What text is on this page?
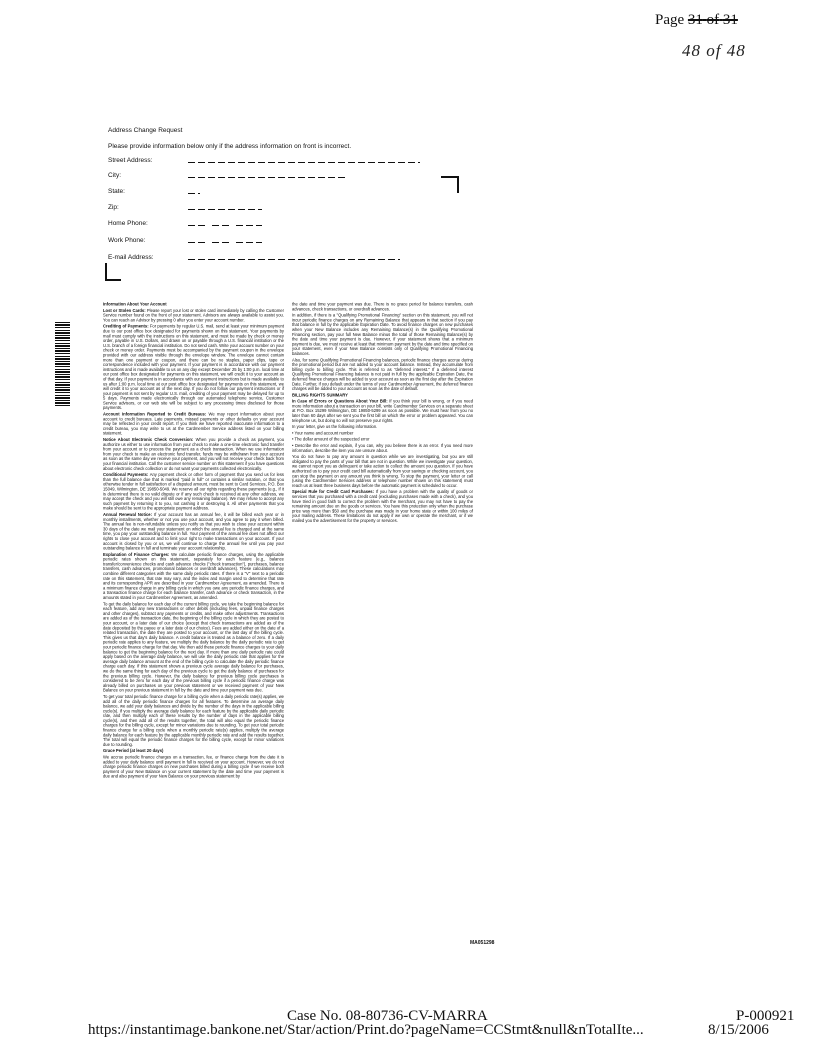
Page 31 of 31
48 of 48
Address Change Request
Please provide information below only if the address information on front is incorrect.
Street Address:
City:
State:
Zip:
Home Phone:
Work Phone:
E-mail Address:

Information About Your Account

Lost or Stolen Cards: Please report your lost or stolen card immediately by calling the Customer Service number found on the front of your statement. Advisors are always available to assist you. You can reach an Advisor by pressing 0 after you enter your account number.

Crediting of Payments: For payments by regular U.S. mail, send at least your minimum payment due to our post office box designated for payments shown on this statement. Your payments by mail must comply with the instructions on this statement, and must be made by check or money order, payable in U.S. Dollars, and drawn on or payable through a U.S. financial institution or the U.S. branch of a foreign financial institution. Do not send cash. Write your account number on your check or money order. Payments must be accompanied by the payment coupon in the envelope provided with our address visible through the envelope window. The envelope cannot contain more than one payment or coupon, and there can be no staples, paper clips, tape or correspondence included with your payment. If your payment is in accordance with our payment instructions and is made available to us on any day except December 25 by 1:00 p.m. local time at our post office box designated for payments on this statement, we will credit it to your account as of that day. If your payment is in accordance with our payment instructions but is made available to us after 1:00 p.m. local time at our post office box designated for payments on this statement, we will credit it to your account as of the next day. If you do not follow our payment instructions or if your payment is not sent by regular U.S. mail, crediting of your payment may be delayed for up to 5 days. Payments made electronically through our automated telephone service, Customer Service advisors, or our web site will be subject to any processing times disclosed for those payments.

Account Information Reported to Credit Bureaus: We may report information about your account to credit bureaus. Late payments, missed payments or other defaults on your account may be reflected in your credit report. If you think we have reported inaccurate information to a credit bureau, you may write to us at the Cardmember Service address listed on your billing statement.

Notice About Electronic Check Conversion: When you provide a check as payment, you authorize us either to use information from your check to make a one-time electronic fund transfer from your account or to process the payment as a check transaction. When we use information from your check to make an electronic fund transfer, funds may be withdrawn from your account as soon as the same day we receive your payment, and you will not receive your check back from your financial institution. Call the customer service number on this statement if you have questions about electronic check collection or do not want your payments collected electronically.

Conditional Payments: Any payment check or other form of payment that you send us for less than the full balance due that is marked "paid in full" or contains a similar notation, or that you otherwise tender in full satisfaction of a disputed amount, must be sent to Card Services, P.O. Box 15049, Wilmington, DE 19850-5049. We reserve all our rights regarding these payments (e.g., if it is determined there is no valid dispute or if any such check is received at any other address, we may accept the check and you will still owe any remaining balance). We may refuse to accept any such payment by returning it to you, not cashing it or destroying it. All other payments that you make should be sent to the appropriate payment address.

Annual Renewal Notice: If your account has an annual fee, it will be billed each year or in monthly installments, whether or not you use your account, and you agree to pay it when billed. The annual fee is non-refundable unless you notify us that you wish to close your account within 30 days of the date we mail your statement on which the annual fee is charged and at the same time, you pay your outstanding balance in full. Your payment of the annual fee does not affect our rights to close your account and to limit your right to make transactions on your account. If your account is closed by you or us, we will continue to charge the annual fee until you pay your outstanding balance in full and terminate your account relationship.

Explanation of Finance Charges: We calculate periodic finance charges, using the applicable periodic rates shown on this statement, separately for each feature (e.g., balance transfer/convenience checks and cash advance checks ("check transaction"), purchases, balance transfers, cash advances, promotional balances or overdraft advances). These calculations may combine different categories with the same daily periodic rates. If there is a "V" next to a periodic rate on this statement, that rate may vary, and the index and margin used to determine that rate and its corresponding APR are described in your Cardmember Agreement, as amended. There is a minimum finance charge in any billing cycle in which you owe any periodic finance charges, and a transaction finance charge for each balance transfer, cash advance or check transaction, in the amounts stated in your Cardmember Agreement, as amended.

To get the daily balance for each day of the current billing cycle, we take the beginning balance for each feature, add any new transactions or other debits (including fees, unpaid finance charges and other charges), subtract any payments or credits, and make other adjustments. Transactions are added as of the transaction date, the beginning of the billing cycle in which they are posted to your account, or a later date of our choice (except that check transactions are added as of the date deposited by the payee or a later date of our choice). Fees are added either on the date of a related transaction, the date they are posted to your account, or the last day of the billing cycle. This gives us that day's daily balance. A credit balance is treated as a balance of zero. If a daily periodic rate applies to any feature, we multiply the daily balance by the daily periodic rate to get your periodic finance charge for that day. We then add these periodic finance charges to your daily balance to get the beginning balance for the next day. If more than one daily periodic rate could apply based on the average daily balance, we will use the daily periodic rate that applies for the average daily balance amount at the end of the billing cycle to calculate the daily periodic finance charge each day. If this statement shows a previous cycle average daily balance for purchases, we do the same thing for each day of the previous cycle to get the daily balance of purchases for the previous billing cycle. However, the daily balance for previous billing cycle purchases is considered to be zero for each day of the previous billing cycle if a periodic finance charge was already billed on purchases on your previous statement or we received payment of your New Balance on your previous statement in full by the date and time your payment was due.

To get your total periodic finance charge for a billing cycle when a daily periodic rate(s) applies, we add all of the daily periodic finance charges for all features. To determine an average daily balance, we add your daily balances and divide by the number of the days in the applicable billing cycle(s). If you multiply the average daily balance for each feature by the applicable daily periodic rate, and then multiply each of these results by the number of days in the applicable billing cycle(s), and then add all of the results together, the total will also equal the periodic finance charges for the billing cycle, except for minor variations due to rounding. To get your total periodic finance charge for a billing cycle when a monthly periodic rate(s) applies, multiply the average daily balance for each feature by the applicable monthly periodic rate and add the results together. The total will equal the periodic finance charges for the billing cycle, except for minor variations due to rounding.

Grace Period (at least 20 days)

We accrue periodic finance charges on a transaction, fee, or finance charge from the date it is added to your daily balance until payment in full is received on your account. However, we do not charge periodic finance charges on new purchases billed during a billing cycle if we receive both payment of your New Balance on your current statement by the date and time your payment is due and also payment of your New Balance on your previous statement by

the date and time your payment was due. There is no grace period for balance transfers, cash advances, check transactions, or overdraft advances.

In addition, if there is a "Qualifying Promotional Financing" section on this statement, you will not incur periodic finance charges on any Remaining Balance that appears in that section if you pay that balance in full by the applicable Expiration Date. To avoid finance charges on new purchases when your New Balance includes any Remaining Balance(s) in the Qualifying Promotional Financing section, pay your full New Balance minus the total of those Remaining Balance(s) by the date and time your payment is due. However, if your statement shows that a minimum payment is due, we must receive at least that minimum payment by the date and time specified on your statement, even if your New Balance consists only of Qualifying Promotional Financing balances.

Also, for some Qualifying Promotional Financing balances, periodic finance charges accrue during the promotional period but are not added to your account balance. Instead, they accumulate from billing cycle to billing cycle. This is referred to as "deferred interest." If a deferred interest Qualifying Promotional Financing balance is not paid in full by the applicable Expiration Date, the deferred finance charges will be added to your account as soon as the first day after the Expiration Date. Further, if you default under the terms of your Cardmember Agreement, the deferred finance charges will be added to your account as soon as the date of default.

BILLING RIGHTS SUMMARY

In Case of Errors or Questions About Your Bill: If you think your bill is wrong, or if you need more information about a transaction on your bill, write Cardmember Services on a separate sheet at P.O. Box 15299 Wilmington, DE 19850-5299 as soon as possible. We must hear from you no later than 60 days after we sent you the first bill on which the error or problem appeared. You can telephone us, but doing so will not preserve your rights.

In your letter, give us the following information.

• Your name and account number

• The dollar amount of the suspected error

• Describe the error and explain, if you can, why you believe there is an error. If you need more information, describe the item you are unsure about.

You do not have to pay any amount in question while we are investigating, but you are still obligated to pay the parts of your bill that are not in question. While we investigate your question, we cannot report you as delinquent or take action to collect the amount you question. If you have authorized us to pay your credit card bill automatically from your savings or checking account, you can stop the payment on any amount you think is wrong. To stop the payment, your letter or call (using the Cardmember Services address or telephone number shown on this statement) must reach us at least three business days before the automatic payment is scheduled to occur.

Special Rule for Credit Card Purchases: If you have a problem with the quality of goods or services that you purchased with a credit card (excluding purchases made with a check), and you have tried in good faith to correct the problem with the merchant, you may not have to pay the remaining amount due on the goods or services. You have this protection only when the purchase price was more than $50 and the purchase was made in your home state or within 100 miles of your mailing address. These limitations do not apply if we own or operate the merchant, or if we mailed you the advertisement for the property or services.

MA051298
Case No. 08-80736-CV-MARRA	P-000921
https://instantimage.bankone.net/Star/action/Print.do?pageName=CCStmt&null&nTotalIte...	8/15/2006
